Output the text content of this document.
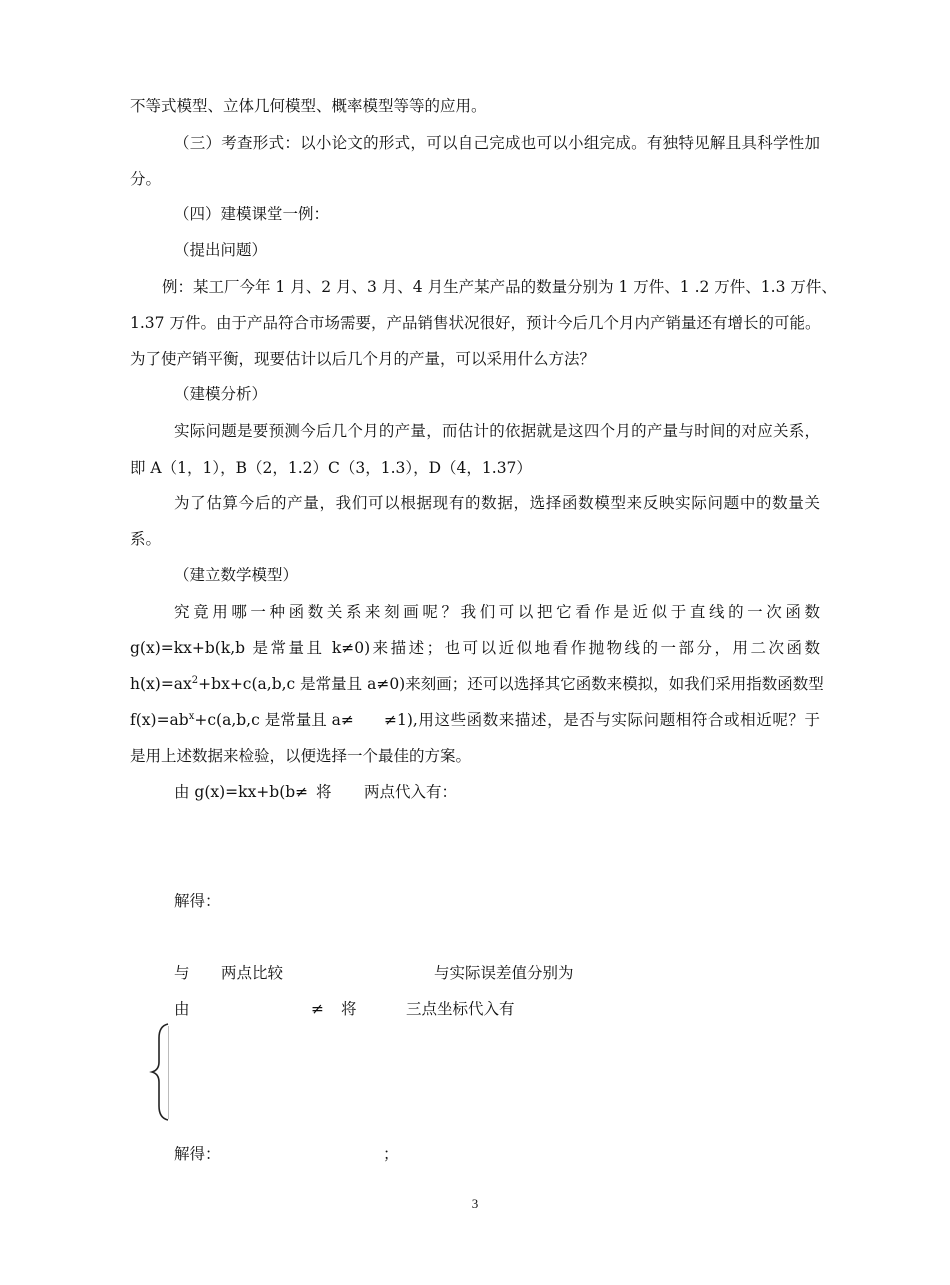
不等式模型、立体几何模型、概率模型等等的应用。
（三）考查形式：以小论文的形式，可以自己完成也可以小组完成。有独特见解且具科学性加
分。
（四）建模课堂一例：
（提出问题）
例：某工厂今年 1 月、2 月、3 月、4 月生产某产品的数量分别为 1 万件、1 .2 万件、1.3 万件、
1.37 万件。由于产品符合市场需要，产品销售状况很好，预计今后几个月内产销量还有增长的可能。
为了使产销平衡，现要估计以后几个月的产量，可以采用什么方法？
（建模分析）
实际问题是要预测今后几个月的产量，而估计的依据就是这四个月的产量与时间的对应关系，
即 A（1，1），B（2，1.2）C（3，1.3），D（4，1.37）
为了估算今后的产量，我们可以根据现有的数据，选择函数模型来反映实际问题中的数量关
系。
（建立数学模型）
究竟用哪一种函数关系来刻画呢？我们可以把它看作是近似于直线的一次函数
g(x)=kx+b(k,b 是常量且 k≠0)来描述；也可以近似地看作抛物线的一部分，用二次函数
$h(x)=ax^2+bx+c(a,b,c$ 是常量且 a≠0)来刻画；还可以选择其它函数来模拟，如我们采用指数函数型
$f(x)=ab^x+c(a,b,c$ 是常量且 a≠ ≠1),用这些函数来描述，是否与实际问题相符合或相近呢？于
是用上述数据来检验，以便选择一个最佳的方案。
由 g(x)=kx+b(b≠ 将 两点代入有：
解得：
与 两点比较	与实际误差值分别为
由	≠ 将	三点坐标代入有
解得：	；
3
